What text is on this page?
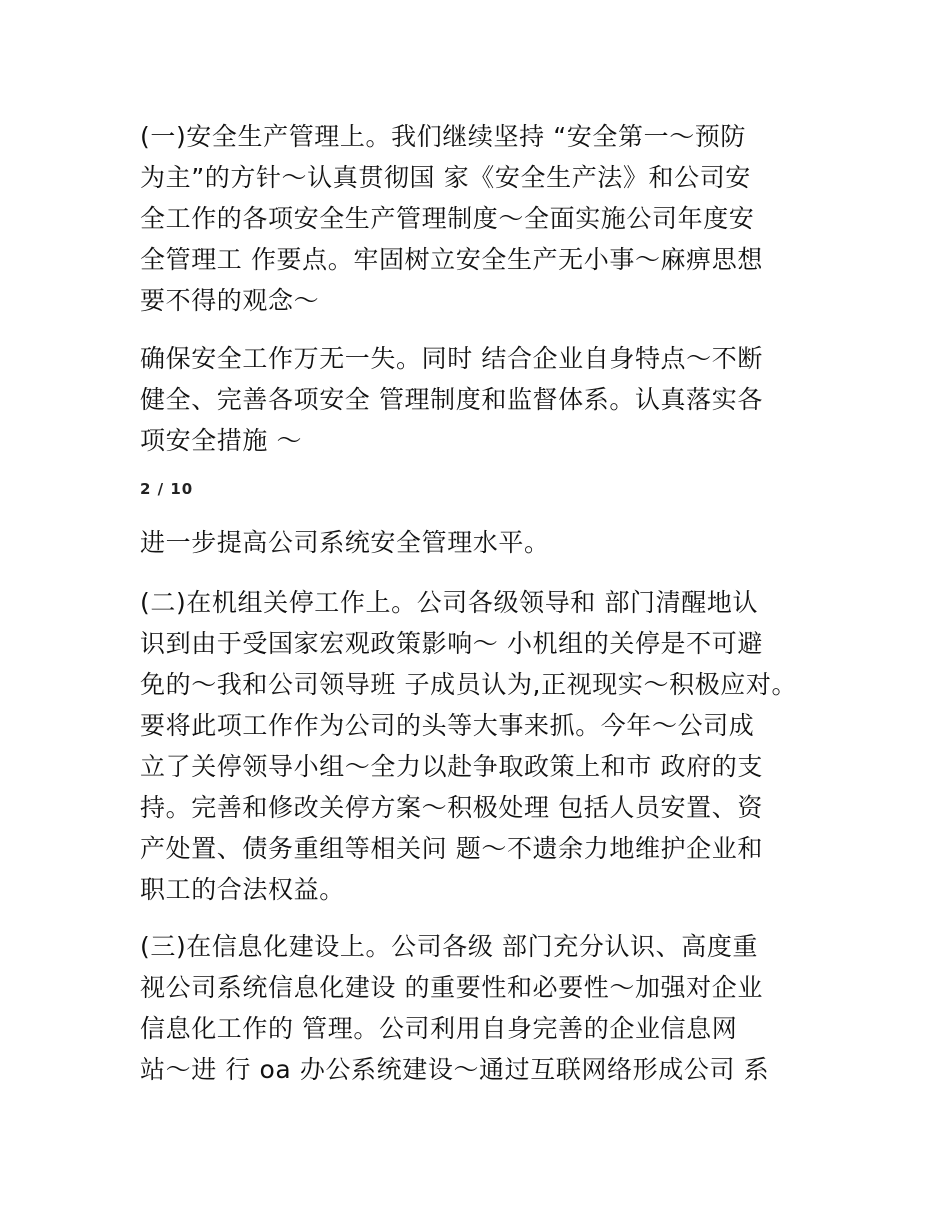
(一)安全生产管理上。我们继续坚持 “安全第一～预防
为主”的方针～认真贯彻国 家《安全生产法》和公司安
全工作的各项安全生产管理制度～全面实施公司年度安
全管理工 作要点。牢固树立安全生产无小事～麻痹思想
要不得的观念～
确保安全工作万无一失。同时 结合企业自身特点～不断
健全、完善各项安全 管理制度和监督体系。认真落实各
项安全措施 ～
2 / 10
进一步提高公司系统安全管理水平。
(二)在机组关停工作上。公司各级领导和 部门清醒地认
识到由于受国家宏观政策影响～ 小机组的关停是不可避
免的～我和公司领导班 子成员认为,正视现实～积极应对。
要将此项工作作为公司的头等大事来抓。今年～公司成
立了关停领导小组～全力以赴争取政策上和市 政府的支
持。完善和修改关停方案～积极处理 包括人员安置、资
产处置、债务重组等相关问 题～不遗余力地维护企业和
职工的合法权益。
(三)在信息化建设上。公司各级 部门充分认识、高度重
视公司系统信息化建设 的重要性和必要性～加强对企业
信息化工作的 管理。公司利用自身完善的企业信息网
站～进 行 oa 办公系统建设～通过互联网络形成公司 系
